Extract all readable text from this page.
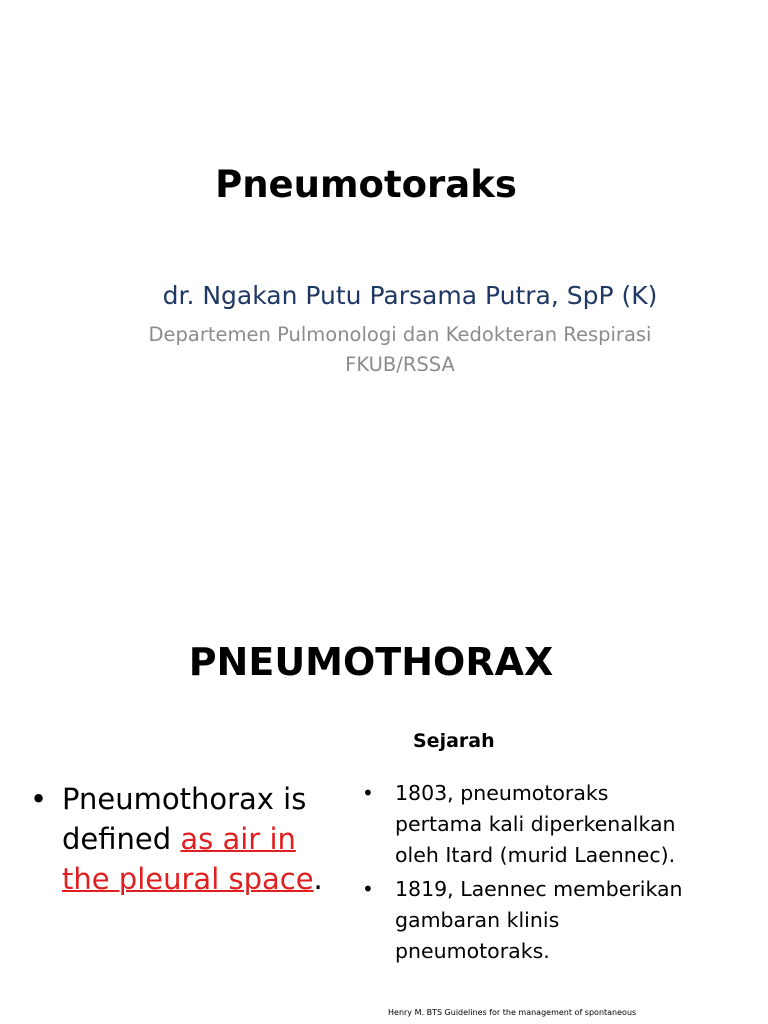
Pneumotoraks
dr. Ngakan Putu Parsama Putra, SpP (K)
Departemen Pulmonologi dan Kedokteran Respirasi
FKUB/RSSA
PNEUMOTHORAX
Sejarah
• Pneumothorax is
defined as air in
the pleural space.
• 1803, pneumotoraks
pertama kali diperkenalkan
oleh Itard (murid Laennec).
• 1819, Laennec memberikan
gambaran klinis
pneumotoraks.
Henry M. BTS Guidelines for the management of spontaneous
